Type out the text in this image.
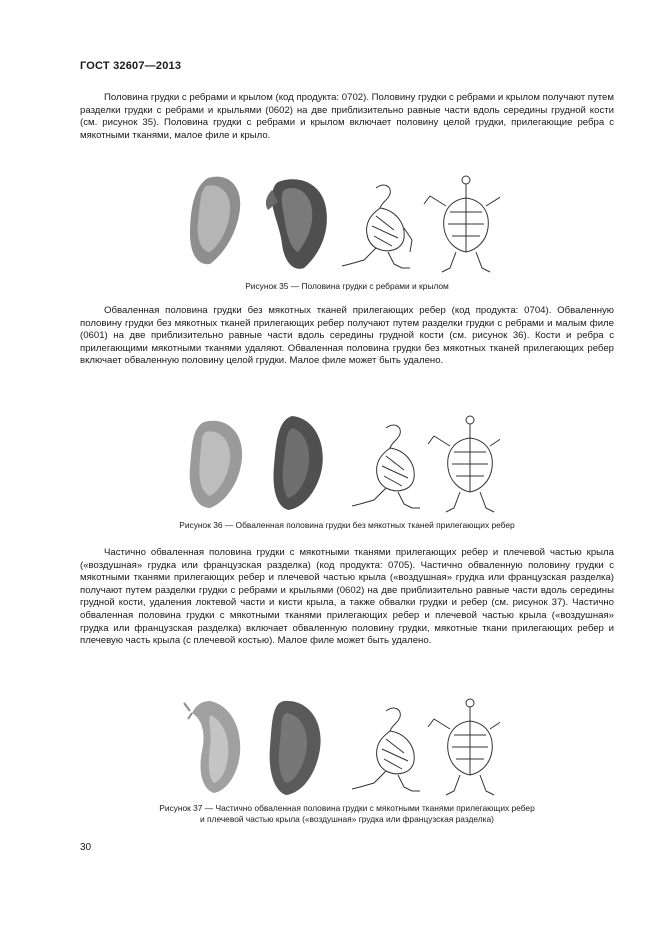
ГОСТ 32607—2013

Половина грудки с ребрами и крылом (код продукта: 0702). Половину грудки с ребрами и крылом получают путем разделки грудки с ребрами и крыльями (0602) на две приблизительно равные части вдоль середины грудной кости (см. рисунок 35). Половина грудки с ребрами и крылом включает половину целой грудки, прилегающие ребра с мякотными тканями, малое филе и крыло.

Рисунок 35 — Половина грудки с ребрами и крылом

Обваленная половина грудки без мякотных тканей прилегающих ребер (код продукта: 0704). Обваленную половину грудки без мякотных тканей прилегающих ребер получают путем разделки грудки с ребрами и малым филе (0601) на две приблизительно равные части вдоль середины грудной кости (см. рисунок 36). Кости и ребра с прилегающими мякотными тканями удаляют. Обваленная половина грудки без мякотных тканей прилегающих ребер включает обваленную половину целой грудки. Малое филе может быть удалено.

Рисунок 36 — Обваленная половина грудки без мякотных тканей прилегающих ребер

Частично обваленная половина грудки с мякотными тканями прилегающих ребер и плечевой частью крыла («воздушная» грудка или французская разделка) (код продукта: 0705). Частично обваленную половину грудки с мякотными тканями прилегающих ребер и плечевой частью крыла («воздушная» грудка или французская разделка) получают путем разделки грудки с ребрами и крыльями (0602) на две приблизительно равные части вдоль середины грудной кости, удаления локтевой части и кисти крыла, а также обвалки грудки и ребер (см. рисунок 37). Частично обваленная половина грудки с мякотными тканями прилегающих ребер и плечевой частью крыла («воздушная» грудка или французская разделка) включает обваленную половину грудки, мякотные ткани прилегающих ребер и плечевую часть крыла (с плечевой костью). Малое филе может быть удалено.

Рисунок 37 — Частично обваленная половина грудки с мякотными тканями прилегающих ребер
и плечевой частью крыла («воздушная» грудка или французская разделка)
30
